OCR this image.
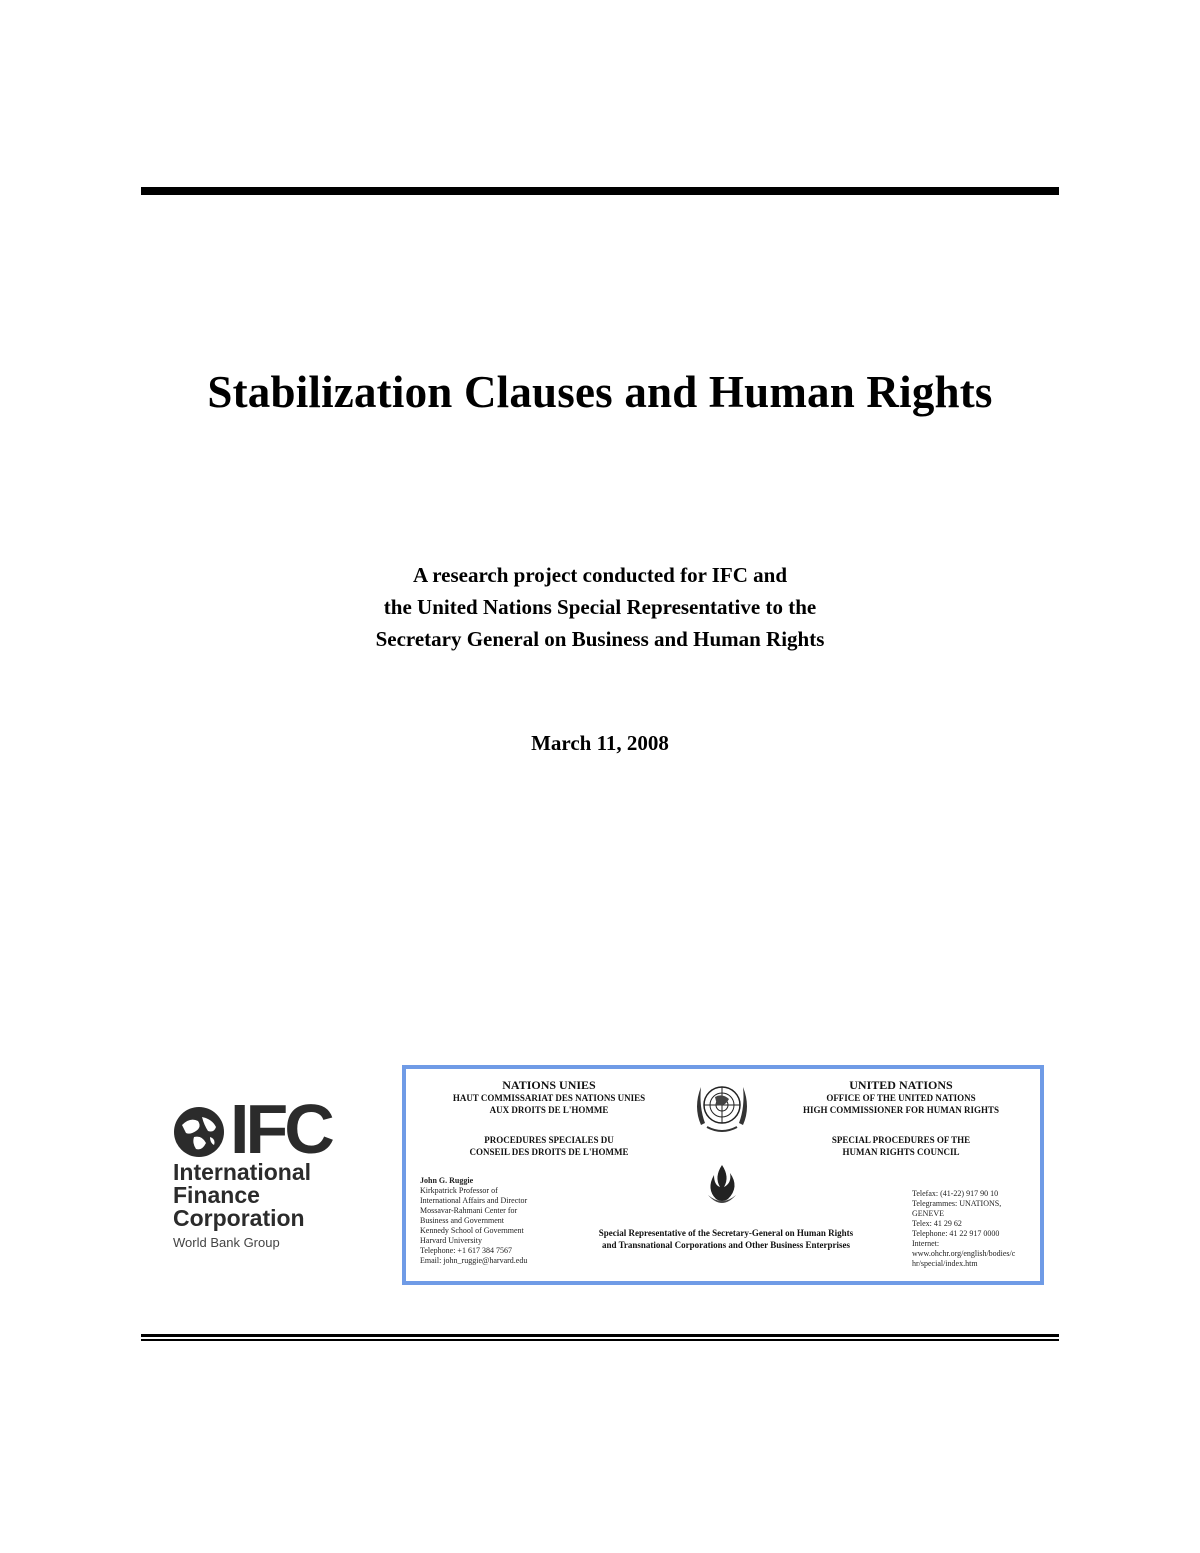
Stabilization Clauses and Human Rights
A research project conducted for IFC and
the United Nations Special Representative to the
Secretary General on Business and Human Rights
March 11, 2008
IFC
International
Finance
Corporation
World Bank Group
NATIONS UNIES
HAUT COMMISSARIAT DES NATIONS UNIES
AUX DROITS DE L'HOMME
UNITED NATIONS
OFFICE OF THE UNITED NATIONS
HIGH COMMISSIONER FOR HUMAN RIGHTS
PROCEDURES SPECIALES DU
CONSEIL DES DROITS DE L'HOMME
SPECIAL PROCEDURES OF THE
HUMAN RIGHTS COUNCIL
John G. Ruggie
Kirkpatrick Professor of
International Affairs and Director
Mossavar-Rahmani Center for
Business and Government
Kennedy School of Government
Harvard University
Telephone: +1 617 384 7567
Email: john_ruggie@harvard.edu
Special Representative of the Secretary-General on Human Rights
and Transnational Corporations and Other Business Enterprises
Telefax: (41-22) 917 90 10
Telegrammes: UNATIONS,
GENEVE
Telex: 41 29 62
Telephone: 41 22 917 0000
Internet:
www.ohchr.org/english/bodies/c
hr/special/index.htm
